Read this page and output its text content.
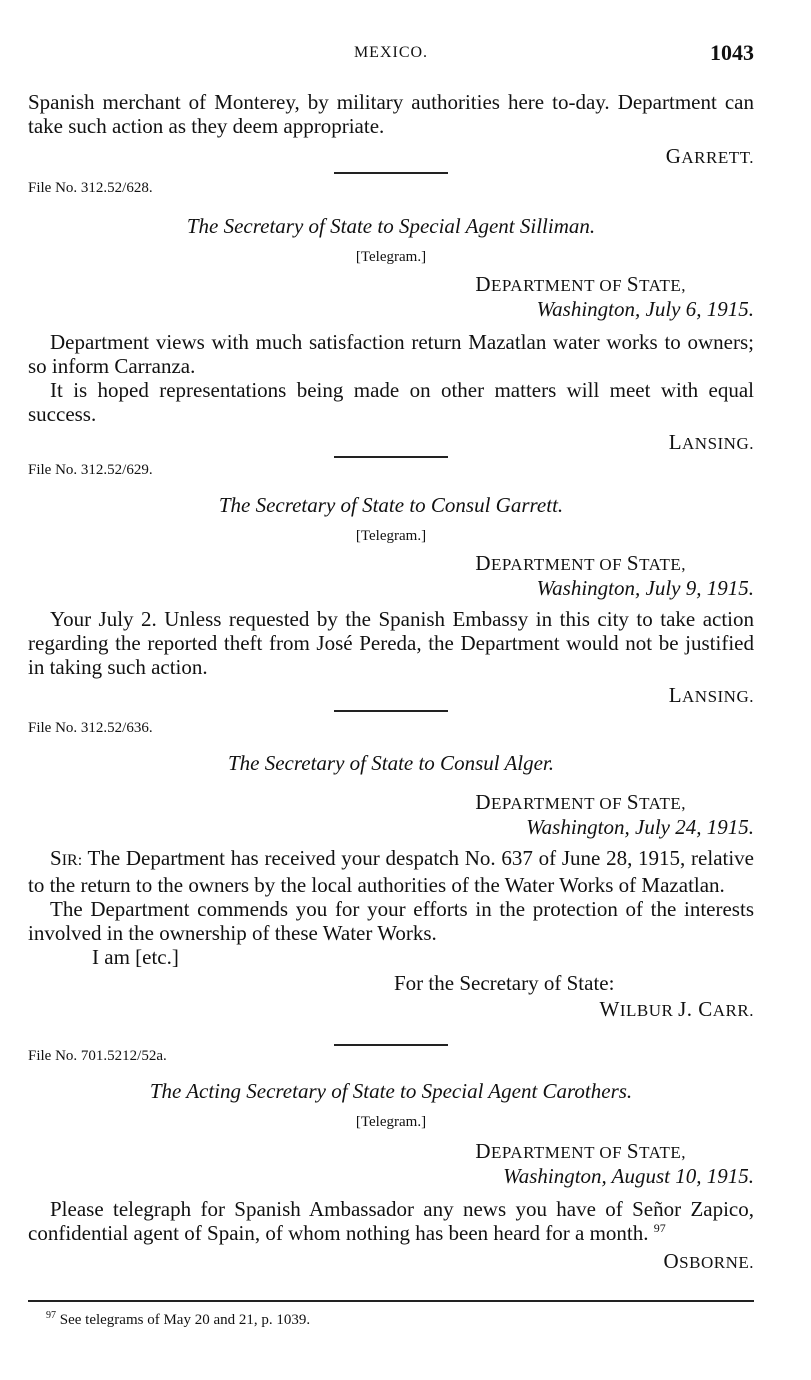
MEXICO.	1043

Spanish merchant of Monterey, by military authorities here to-day. Department can take such action as they deem appropriate.

GARRETT.

File No. 312.52/628.

The Secretary of State to Special Agent Silliman.

[Telegram.]

DEPARTMENT OF STATE,

Washington, July 6, 1915.

Department views with much satisfaction return Mazatlan water works to owners; so inform Carranza.

It is hoped representations being made on other matters will meet with equal success.

LANSING.

File No. 312.52/629.

The Secretary of State to Consul Garrett.

[Telegram.]

DEPARTMENT OF STATE,

Washington, July 9, 1915.

Your July 2. Unless requested by the Spanish Embassy in this city to take action regarding the reported theft from José Pereda, the Department would not be justified in taking such action.

LANSING.

File No. 312.52/636.

The Secretary of State to Consul Alger.

DEPARTMENT OF STATE,

Washington, July 24, 1915.

SIR: The Department has received your despatch No. 637 of June 28, 1915, relative to the return to the owners by the local authorities of the Water Works of Mazatlan.

The Department commends you for your efforts in the protection of the interests involved in the ownership of these Water Works.

I am [etc.]

For the Secretary of State:

WILBUR J. CARR.

File No. 701.5212/52a.

The Acting Secretary of State to Special Agent Carothers.

[Telegram.]

DEPARTMENT OF STATE,

Washington, August 10, 1915.

Please telegraph for Spanish Ambassador any news you have of Señor Zapico, confidential agent of Spain, of whom nothing has been heard for a month. $^{97}$

OSBORNE.

$^{97}$ See telegrams of May 20 and 21, p. 1039.
